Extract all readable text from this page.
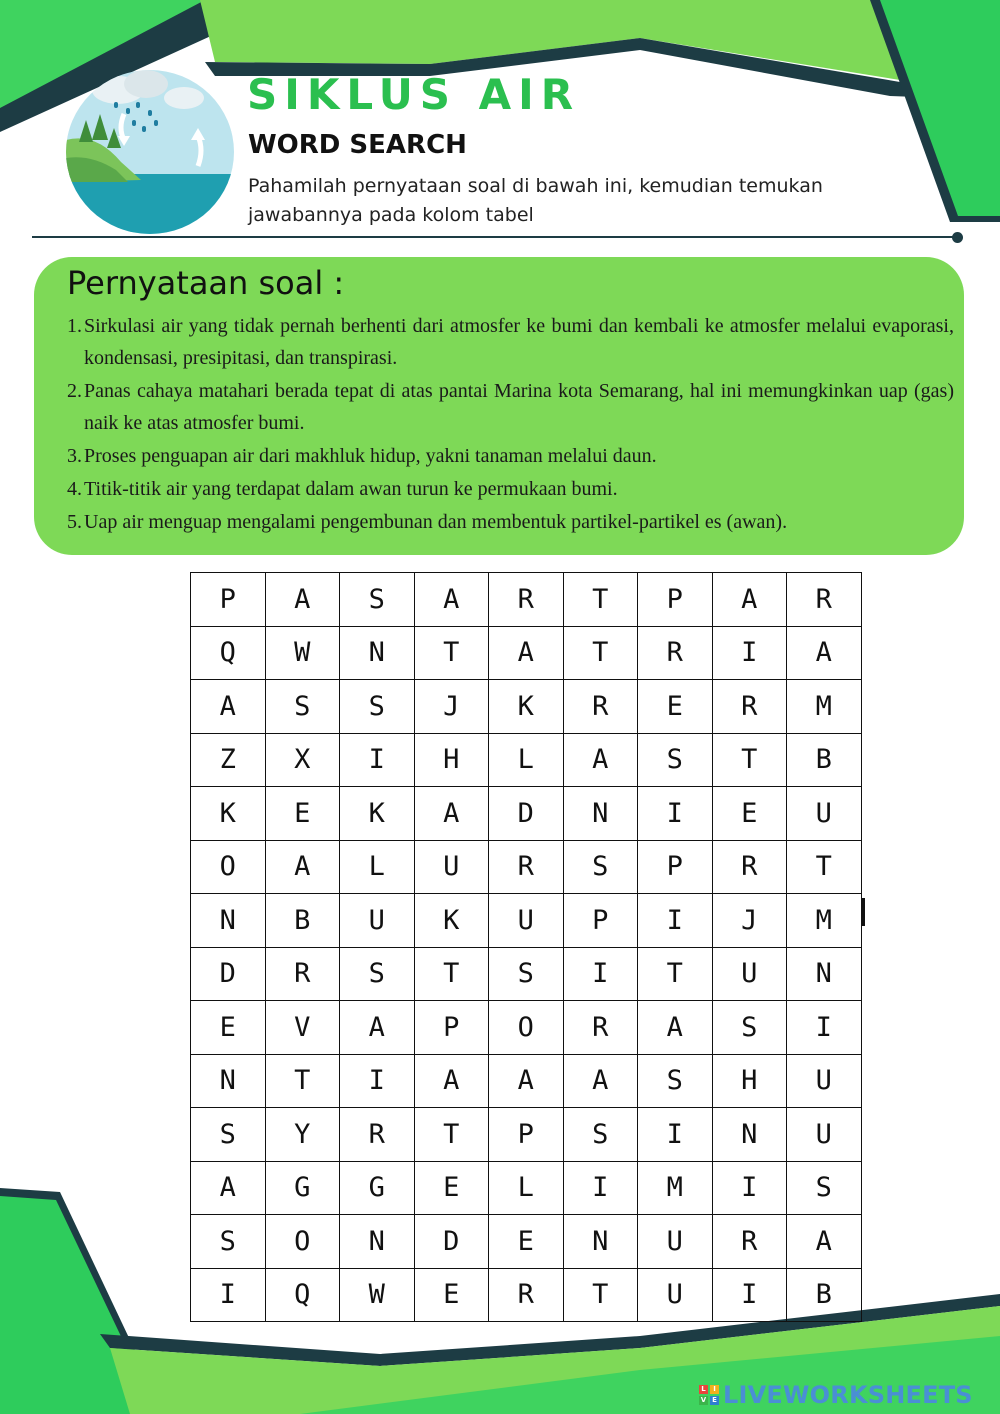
SIKLUS AIR
WORD SEARCH

Pahamilah pernyataan soal di bawah ini, kemudian temukan jawabannya pada kolom tabel

Pernyataan soal :
1. Sirkulasi air yang tidak pernah berhenti dari atmosfer ke bumi dan kembali ke atmosfer melalui evaporasi, kondensasi, presipitasi, dan transpirasi.
2. Panas cahaya matahari berada tepat di atas pantai Marina kota Semarang, hal ini memungkinkan uap (gas) naik ke atas atmosfer bumi.
3. Proses penguapan air dari makhluk hidup, yakni tanaman melalui daun.
4. Titik-titik air yang terdapat dalam awan turun ke permukaan bumi.
5. Uap air menguap mengalami pengembunan dan membentuk partikel-partikel es (awan).
P	A	S	A	R	T	P	A	R
Q	W	N	T	A	T	R	I	A
A	S	S	J	K	R	E	R	M
Z	X	I	H	L	A	S	T	B
K	E	K	A	D	N	I	E	U
O	A	L	U	R	S	P	R	T
N	B	U	K	U	P	I	J	M
D	R	S	T	S	I	T	U	N
E	V	A	P	O	R	A	S	I
N	T	I	A	A	A	S	H	U
S	Y	R	T	P	S	I	N	U
A	G	G	E	L	I	M	I	S
S	O	N	D	E	N	U	R	A
I	Q	W	E	R	T	U	I	B
L	I
V E LIVEWORKSHEETS
